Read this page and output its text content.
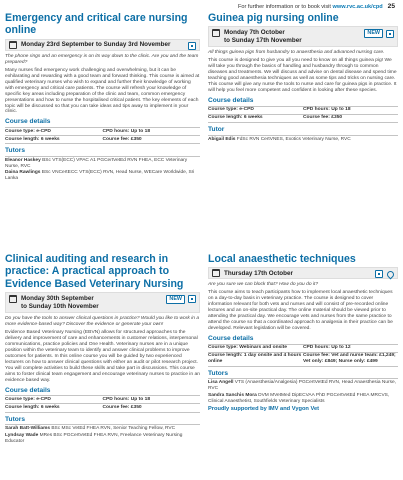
For further information or to book visit www.rvc.ac.uk/cpd 25
Emergency and critical care nursing online
Monday 23rd September to Sunday 3rd November

The phone rings and an emergency is on its way down to the clinic. Are you and the team prepared?

Many nurses find emergency work challenging and overwhelming, but it can be exhilarating and rewarding with a good team and forward thinking. This course is aimed at qualified veterinary nurses who wish to expand and further their knowledge of working with emergency and critical care patients. The course will refresh your knowledge of specific key areas including preparation of the clinic and team, common emergency presentations and how to nurse the hospitalised critical patient. The key elements of each topic will be discussed so that you can take ideas and tips away to implement in your clinic.

Course details
Course type: e-CPD	CPD hours: Up to 18
Course length: 6 weeks	Course fee: £350
Tutors

Eleanor Haskey BSc VTS(ECC) VPAC A1 PGCertVetEd RVN FHEA, ECC Veterinary Nurse, RVC

Daina Rawlings BSc VNCertECC VTS(ECC) RVN, Head Nurse, WECare Worldwide, Sri Lanka

Guinea pig nursing online
Monday 7th October
to Sunday 17th November
NEW

All things guinea pigs from husbandry to anaesthesia and advanced nursing care.

This course is designed to give you all you need to know on all things guinea pig! We will take you through the basics of handling and husbandry through to common diseases and treatments. We will discuss and advise on dental disease and spend time teaching good anaesthesia techniques as well as some tips and tricks on nursing care. This course will give any nurse the tools to nurse and care for guinea pigs in practice. It will help you feel more competent and confident in looking after these species.

Course details
Course type: e-CPD	CPD hours: Up to 18
Course length: 6 weeks	Course fee: £350
Tutor

Abigail Edis FdSc RVN CertVNES, Exotics Veterinary Nurse, RVC

Clinical auditing and research in practice: A practical approach to Evidence Based Veterinary Nursing
Monday 30th September
to Sunday 10th November
NEW

Do you have the tools to answer clinical questions in practice? Would you like to work in a more evidence-based way? Discover the evidence or generate your own!

Evidence Based Veterinary Nursing (EBVN) allows for structured approaches to the delivery and improvement of care and enhancements in customer relations, interpersonal communications, practice policies and One Health. Veterinary nurses are in a unique position within the veterinary team to identify and answer clinical problems to improve outcomes for patients. In this online course you will be guided by two experienced lecturers on how to answer clinical questions with either an audit or pilot research project. You will complete activities to build these skills and take part in discussions. This course aims to foster clinical team engagement and encourage veterinary nurses to practice in an evidence based way.

Course details
Course type: e-CPD	CPD hours: Up to 18
Course length: 6 weeks	Course fee: £350
Tutors

Sarah Batt-Williams BSc MSc VetEd FHEA RVN, Senior Teaching Fellow, RVC

Lyndsay Wade MRes BSc PGCertVetEd FHEA RVN, Freelance Veterinary Nursing Educator

Local anaesthetic techniques
Thursday 17th October

Are you sure we can block that? How do you do it?

This course aims to teach participants how to implement local anaesthetic techniques on a day-to-day basis in veterinary practice. The course is designed to cover information relevant for both vets and nurses and will consist of pre-recorded online lectures and an on-site practical day. The online material should be viewed prior to attending the practical day. We encourage vets and nurses from the same practice to attend the course so that a coordinated approach to analgesia in their practice can be developed. Relevant legislation will be covered.

Course details
Course type: Webinars and onsite	CPD hours: Up to 12
Course length: 1 day onsite and 4 hours online
Course fee: Vet and nurse team: £1,249; Vet only: £849; Nurse only: £499
Tutors

Lisa Angell VTS (Anaesthesia/Analgesia) PGCertVetEd RVN, Head Anaesthesia Nurse, RVC

Sandra Sanchis Mora DVM MVetMed DipECVAA PhD PGCertVetEd FHEA MRCVS, Clinical Anaesthetist, Southfields Veterinary Specialists

Proudly supported by IMV and Vygon Vet
